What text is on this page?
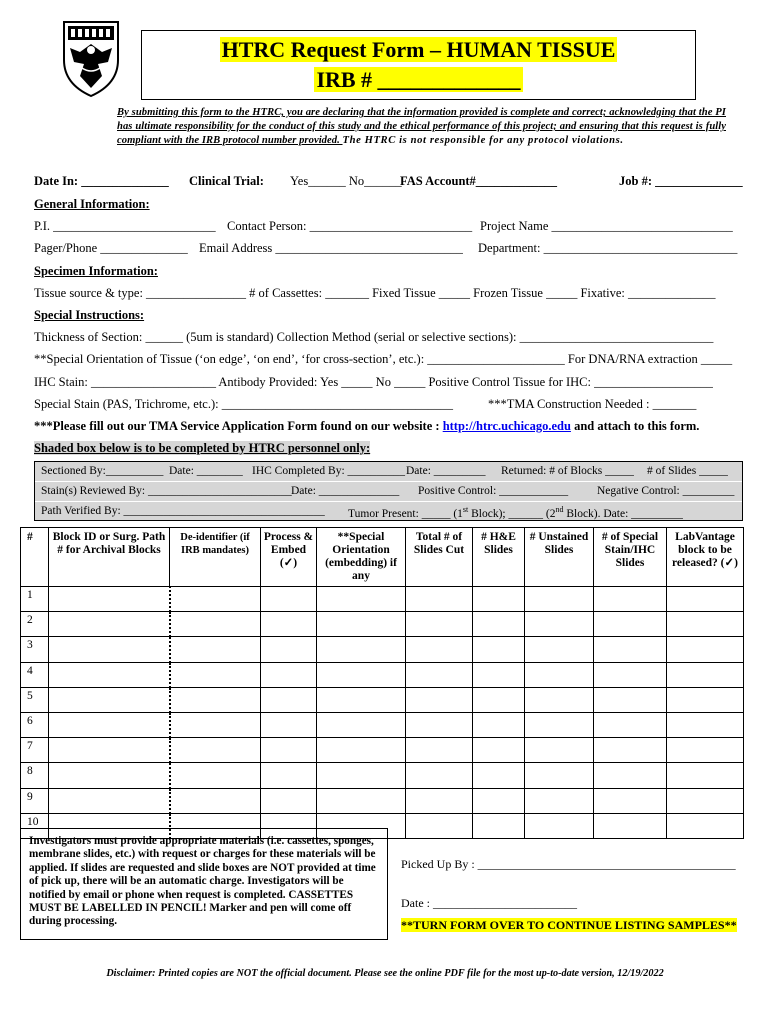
HTRC Request Form – HUMAN TISSUE
IRB # _____________
By submitting this form to the HTRC, you are declaring that the information provided is complete and correct; acknowledging that the PI has ultimate responsibility for the conduct of this study and the ethical performance of this project; and ensuring that this request is fully compliant with the IRB protocol number provided. The HTRC is not responsible for any protocol violations.
Date In: ______________ Clinical Trial: Yes______ No______
FAS Account#_____________	Job #: ______________
General Information:
P.I. __________________________ Contact Person: __________________________ Project Name _____________________________
Pager/Phone ______________ Email Address ______________________________ Department: _______________________________
Specimen Information:
Tissue source & type: ________________ # of Cassettes: _______ Fixed Tissue _____ Frozen Tissue _____ Fixative: ______________
Special Instructions:
Thickness of Section: ______ (5um is standard) Collection Method (serial or selective sections): _______________________________
**Special Orientation of Tissue (‘on edge’, ‘on end’, ‘for cross-section’, etc.): ______________________ For DNA/RNA extraction _____
IHC Stain: ____________________ Antibody Provided: Yes _____ No _____ Positive Control Tissue for IHC: ___________________
Special Stain (PAS, Trichrome, etc.): _____________________________________	***TMA Construction Needed : _______
***Please fill out our TMA Service Application Form found on our website : http://htrc.uchicago.edu and attach to this form.
Shaded box below is to be completed by HTRC personnel only:
Sectioned By:__________ Date: ________ IHC Completed By: __________ Date: _________ Returned: # of Blocks _____ # of Slides _____
Stain(s) Reviewed By: _________________________ Date: ______________ Positive Control: ____________	Negative Control: _________
Path Verified By: ___________________________________ Tumor Present: _____ (1st Block); ______ (2nd Block). Date: _________
#	Block ID or Surg. Path # for Archival Blocks	De-identifier (if IRB mandates)	Process & Embed (✓)	**Special Orientation (embedding) if any	Total # of Slides Cut	# H&E Slides	# Unstained Slides	# of Special Stain/IHC Slides	LabVantage block to be released? (✓)
1									
2									
3									
4									
5									
6									
7									
8									
9									
10									
Investigators must provide appropriate materials (i.e. cassettes, sponges, membrane slides, etc.) with request or charges for these materials will be applied. If slides are requested and slide boxes are NOT provided at time of pick up, there will be an automatic charge. Investigators will be notified by email or phone when request is completed. CASSETTES MUST BE LABELLED IN PENCIL! Marker and pen will come off during processing.
Picked Up By : ___________________________________________
Date : ________________________
**TURN FORM OVER TO CONTINUE LISTING SAMPLES**
Disclaimer: Printed copies are NOT the official document. Please see the online PDF file for the most up-to-date version, 12/19/2022
